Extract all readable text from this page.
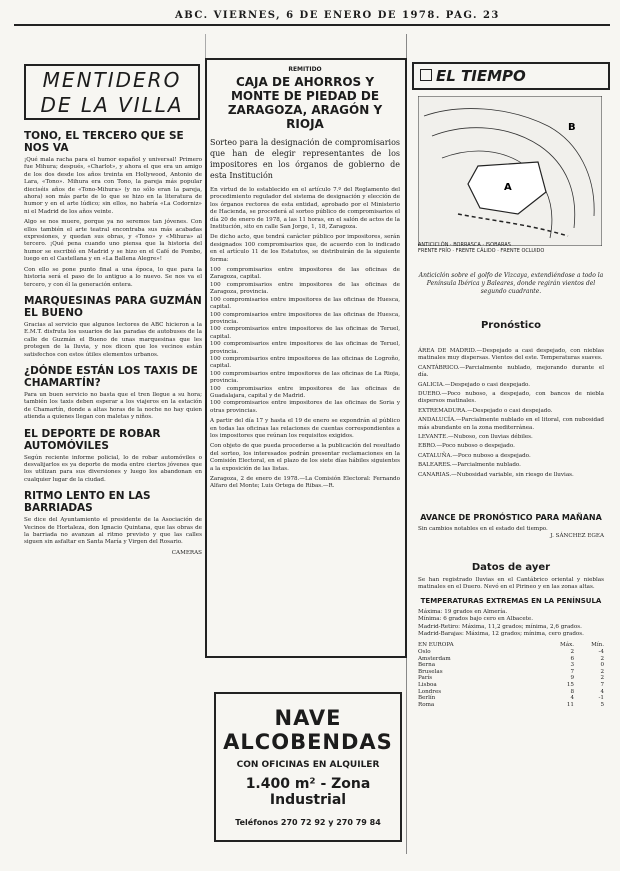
ABC. VIERNES, 6 DE ENERO DE 1978. PAG. 23
MENTIDERO
DE LA VILLA

TONO, EL TERCERO QUE SE NOS VA

¡Qué mala racha para el humor español y universal! Primero fue Mihura; después, «Charlot», y ahora el que era un amigo de los dos desde los años treinta en Hollywood, Antonio de Lara, «Tono». Mihura era con Tono, la pareja más popular dieciséis años de «Tono-Mihura» (y no sólo eran la pareja, ahora) son más parte de lo que se hizo en la literatura de humor y en el arte lúdico; sin ellos, no habría «La Codorniz» ni el Madrid de los años veinte.

Algo se nos muere, porque ya no seremos tan jóvenes. Con ellos también el arte teatral encontraba sus más acabadas expresiones, y quedan sus obras, y «Tono» y «Mihura» al tercero. ¡Qué pena cuando uno piensa que la historia del humor se escribió en Madrid y se hizo en el Café de Pombo, luego en el Castellana y en «La Ballena Alegre»!

Con ello se pone punto final a una época, lo que para la historia será el paso de lo antiguo a lo nuevo. Se nos va el tercero, y con él la generación entera.

MARQUESINAS PARA GUZMÁN EL BUENO

Gracias al servicio que algunos lectores de ABC hicieron a la E.M.T. disfruta los usuarios de las paradas de autobuses de la calle de Guzmán el Bueno de unas marquesinas que les protegen de la lluvia, y nos dicen que los vecinos están satisfechos con estos útiles elementos urbanos.

¿DÓNDE ESTÁN LOS TAXIS DE CHAMARTÍN?

Para un buen servicio no basta que el tren llegue a su hora; también los taxis deben esperar a los viajeros en la estación de Chamartín, donde a altas horas de la noche no hay quien atienda a quienes llegan con maletas y niños.

EL DEPORTE DE ROBAR AUTOMÓVILES

Según reciente informe policial, lo de robar automóviles o desvalijarlos es ya deporte de moda entre ciertos jóvenes que los utilizan para sus diversiones y luego los abandonan en cualquier lugar de la ciudad.

RITMO LENTO EN LAS BARRIADAS

Se dice del Ayuntamiento el presidente de la Asociación de Vecinos de Hortaleza, don Ignacio Quintana, que las obras de la barriada no avanzan al ritmo previsto y que las calles siguen sin asfaltar en Santa María y Virgen del Rosario.

CAMERAS

REMITIDO

CAJA DE AHORROS Y MONTE DE PIEDAD DE ZARAGOZA, ARAGÓN Y RIOJA

Sorteo para la designación de compromisarios que han de elegir representantes de los impositores en los órganos de gobierno de esta Institución

En virtud de lo establecido en el artículo 7.º del Reglamento del procedimiento regulador del sistema de designación y elección de los órganos rectores de esta entidad, aprobado por el Ministerio de Hacienda, se procederá al sorteo público de compromisarios el día 20 de enero de 1978, a las 11 horas, en el salón de actos de la Institución, sito en calle San Jorge, 1, 18, Zaragoza.

De dicho acto, que tendrá carácter público por impositores, serán designados 100 compromisarios que, de acuerdo con lo indicado en el artículo 11 de los Estatutos, se distribuirán de la siguiente forma:

100 compromisarios entre impositores de las oficinas de Zaragoza, capital.

100 compromisarios entre impositores de las oficinas de Zaragoza, provincia.

100 compromisarios entre impositores de las oficinas de Huesca, capital.

100 compromisarios entre impositores de las oficinas de Huesca, provincia.

100 compromisarios entre impositores de las oficinas de Teruel, capital.

100 compromisarios entre impositores de las oficinas de Teruel, provincia.

100 compromisarios entre impositores de las oficinas de Logroño, capital.

100 compromisarios entre impositores de las oficinas de La Rioja, provincia.

100 compromisarios entre impositores de las oficinas de Guadalajara, capital y de Madrid.

100 compromisarios entre impositores de las oficinas de Soria y otras provincias.

A partir del día 17 y hasta el 19 de enero se expondrán al público en todas las oficinas las relaciones de cuentas correspondientes a los impositores que reúnan los requisitos exigidos.

Con objeto de que pueda procederse a la publicación del resultado del sorteo, los interesados podrán presentar reclamaciones en la Comisión Electoral, en el plazo de los siete días hábiles siguientes a la exposición de las listas.

Zaragoza, 2 de enero de 1978.—La Comisión Electoral: Fernando Alfaro del Monte; Luis Ortega de Ribas.—R.

NAVE
ALCOBENDAS
CON OFICINAS EN ALQUILER
1.400 m² - Zona Industrial
Teléfonos 270 72 92 y 270 79 84
EL TIEMPO
A
B
ANTICICLÓN · BORRASCA · ISOBARAS
FRENTE FRÍO · FRENTE CÁLIDO · FRENTE OCLUIDO
Anticiclón sobre el golfo de Vizcaya, extendiéndose a todo la Península Ibérica y Baleares, donde regirán vientos del segundo cuadrante.
Pronóstico

ÁREA DE MADRID.—Despejado a casi despejado, con nieblas matinales muy dispersas. Vientos del este. Temperaturas suaves.

CANTÁBRICO.—Parcialmente nublado, mejorando durante el día.

GALICIA.—Despejado o casi despejado.

DUERO.—Poco nuboso, a despejado, con bancos de niebla dispersos matinales.

EXTREMADURA.—Despejado o casi despejado.

ANDALUCÍA.—Parcialmente nublado en el litoral, con nubosidad más abundante en la zona mediterránea.

LEVANTE.—Nuboso, con lluvias débiles.

EBRO.—Poco nuboso o despejado.

CATALUÑA.—Poco nuboso a despejado.

BALEARES.—Parcialmente nublado.

CANARIAS.—Nubosidad variable, sin riesgo de lluvias.

AVANCE DE PRONÓSTICO PARA MAÑANA

Sin cambios notables en el estado del tiempo.

J. SÁNCHEZ EGEA

Datos de ayer

Se han registrado lluvias en el Cantábrico oriental y nieblas matinales en el Duero. Nevó en el Pirineo y en las zonas altas.

TEMPERATURAS EXTREMAS EN LA PENÍNSULA

Máxima: 19 grados en Almería.

Mínima: 6 grados bajo cero en Albacete.

Madrid-Retiro: Máxima, 11,2 grados; mínima, 2,6 grados.

Madrid-Barajas: Máxima, 12 grados; mínima, cero grados.

EN EUROPA	Máx.	Mín.
Oslo	2	-4
Amsterdam	6	2
Berna	3	0
Bruselas	7	2
París	9	2
Lisboa	15	7
Londres	8	4
Berlín	4	-1
Roma	11	5
